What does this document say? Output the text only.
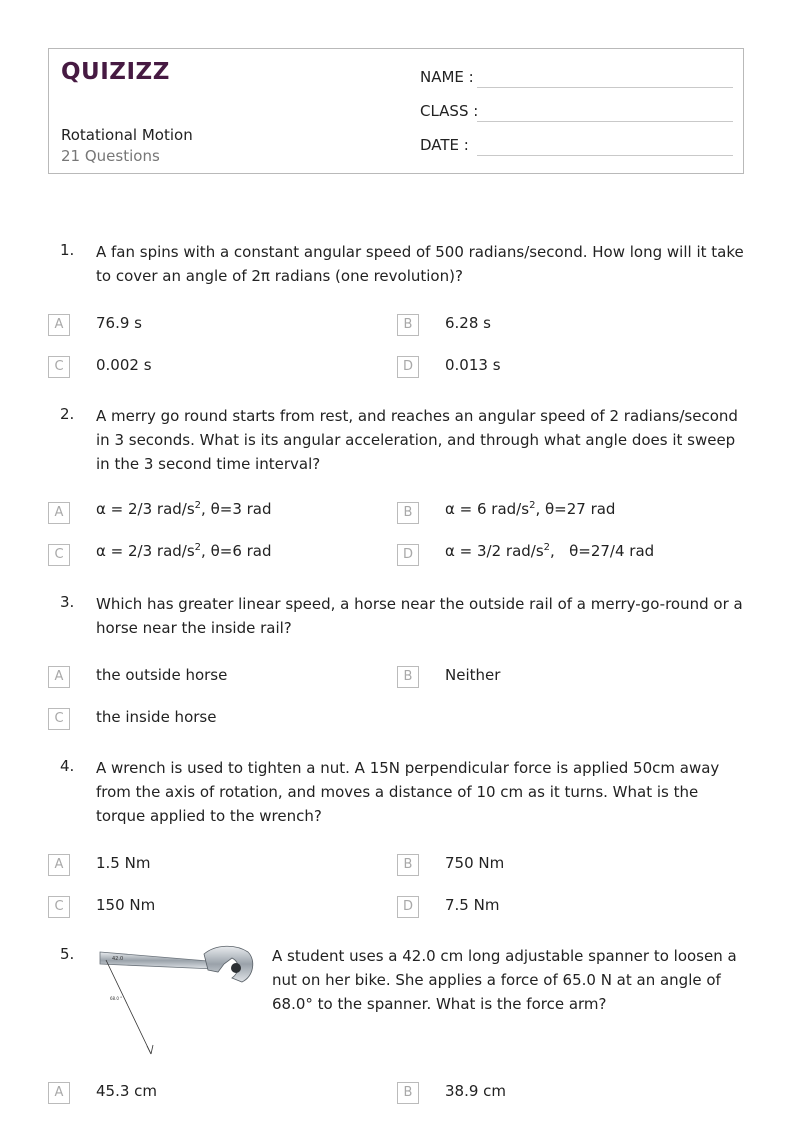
QUIZIZZ
Rotational Motion
21 Questions
NAME :
CLASS :
DATE :
1. A fan spins with a constant angular speed of 500 radians/second. How long will it take to cover an angle of 2π radians (one revolution)?
A	76.9 s	B	6.28 s
C	0.002 s	D	0.013 s
2. A merry go round starts from rest, and reaches an angular speed of 2 radians/second in 3 seconds. What is its angular acceleration, and through what angle does it sweep in the 3 second time interval?
A	α = 2/3 rad/$s^2$, θ=3 rad	B	α = 6 rad/$s^2$, θ=27 rad
C	α = 2/3 rad/$s^2$, θ=6 rad	D	α = 3/2 rad/$s^2$,   θ=27/4 rad
3. Which has greater linear speed, a horse near the outside rail of a merry-go-round or a horse near the inside rail?
A	the outside horse	B	Neither
C	the inside horse
4. A wrench is used to tighten a nut. A 15N perpendicular force is applied 50cm away from the axis of rotation, and moves a distance of 10 cm as it turns. What is the torque applied to the wrench?
A	1.5 Nm	B	750 Nm
C	150 Nm	D	7.5 Nm
5.	42.0
68.0 °
A student uses a 42.0 cm long adjustable spanner to loosen a nut on her bike. She applies a force of 65.0 N at an angle of 68.0° to the spanner. What is the force arm?
A	45.3 cm	B	38.9 cm
